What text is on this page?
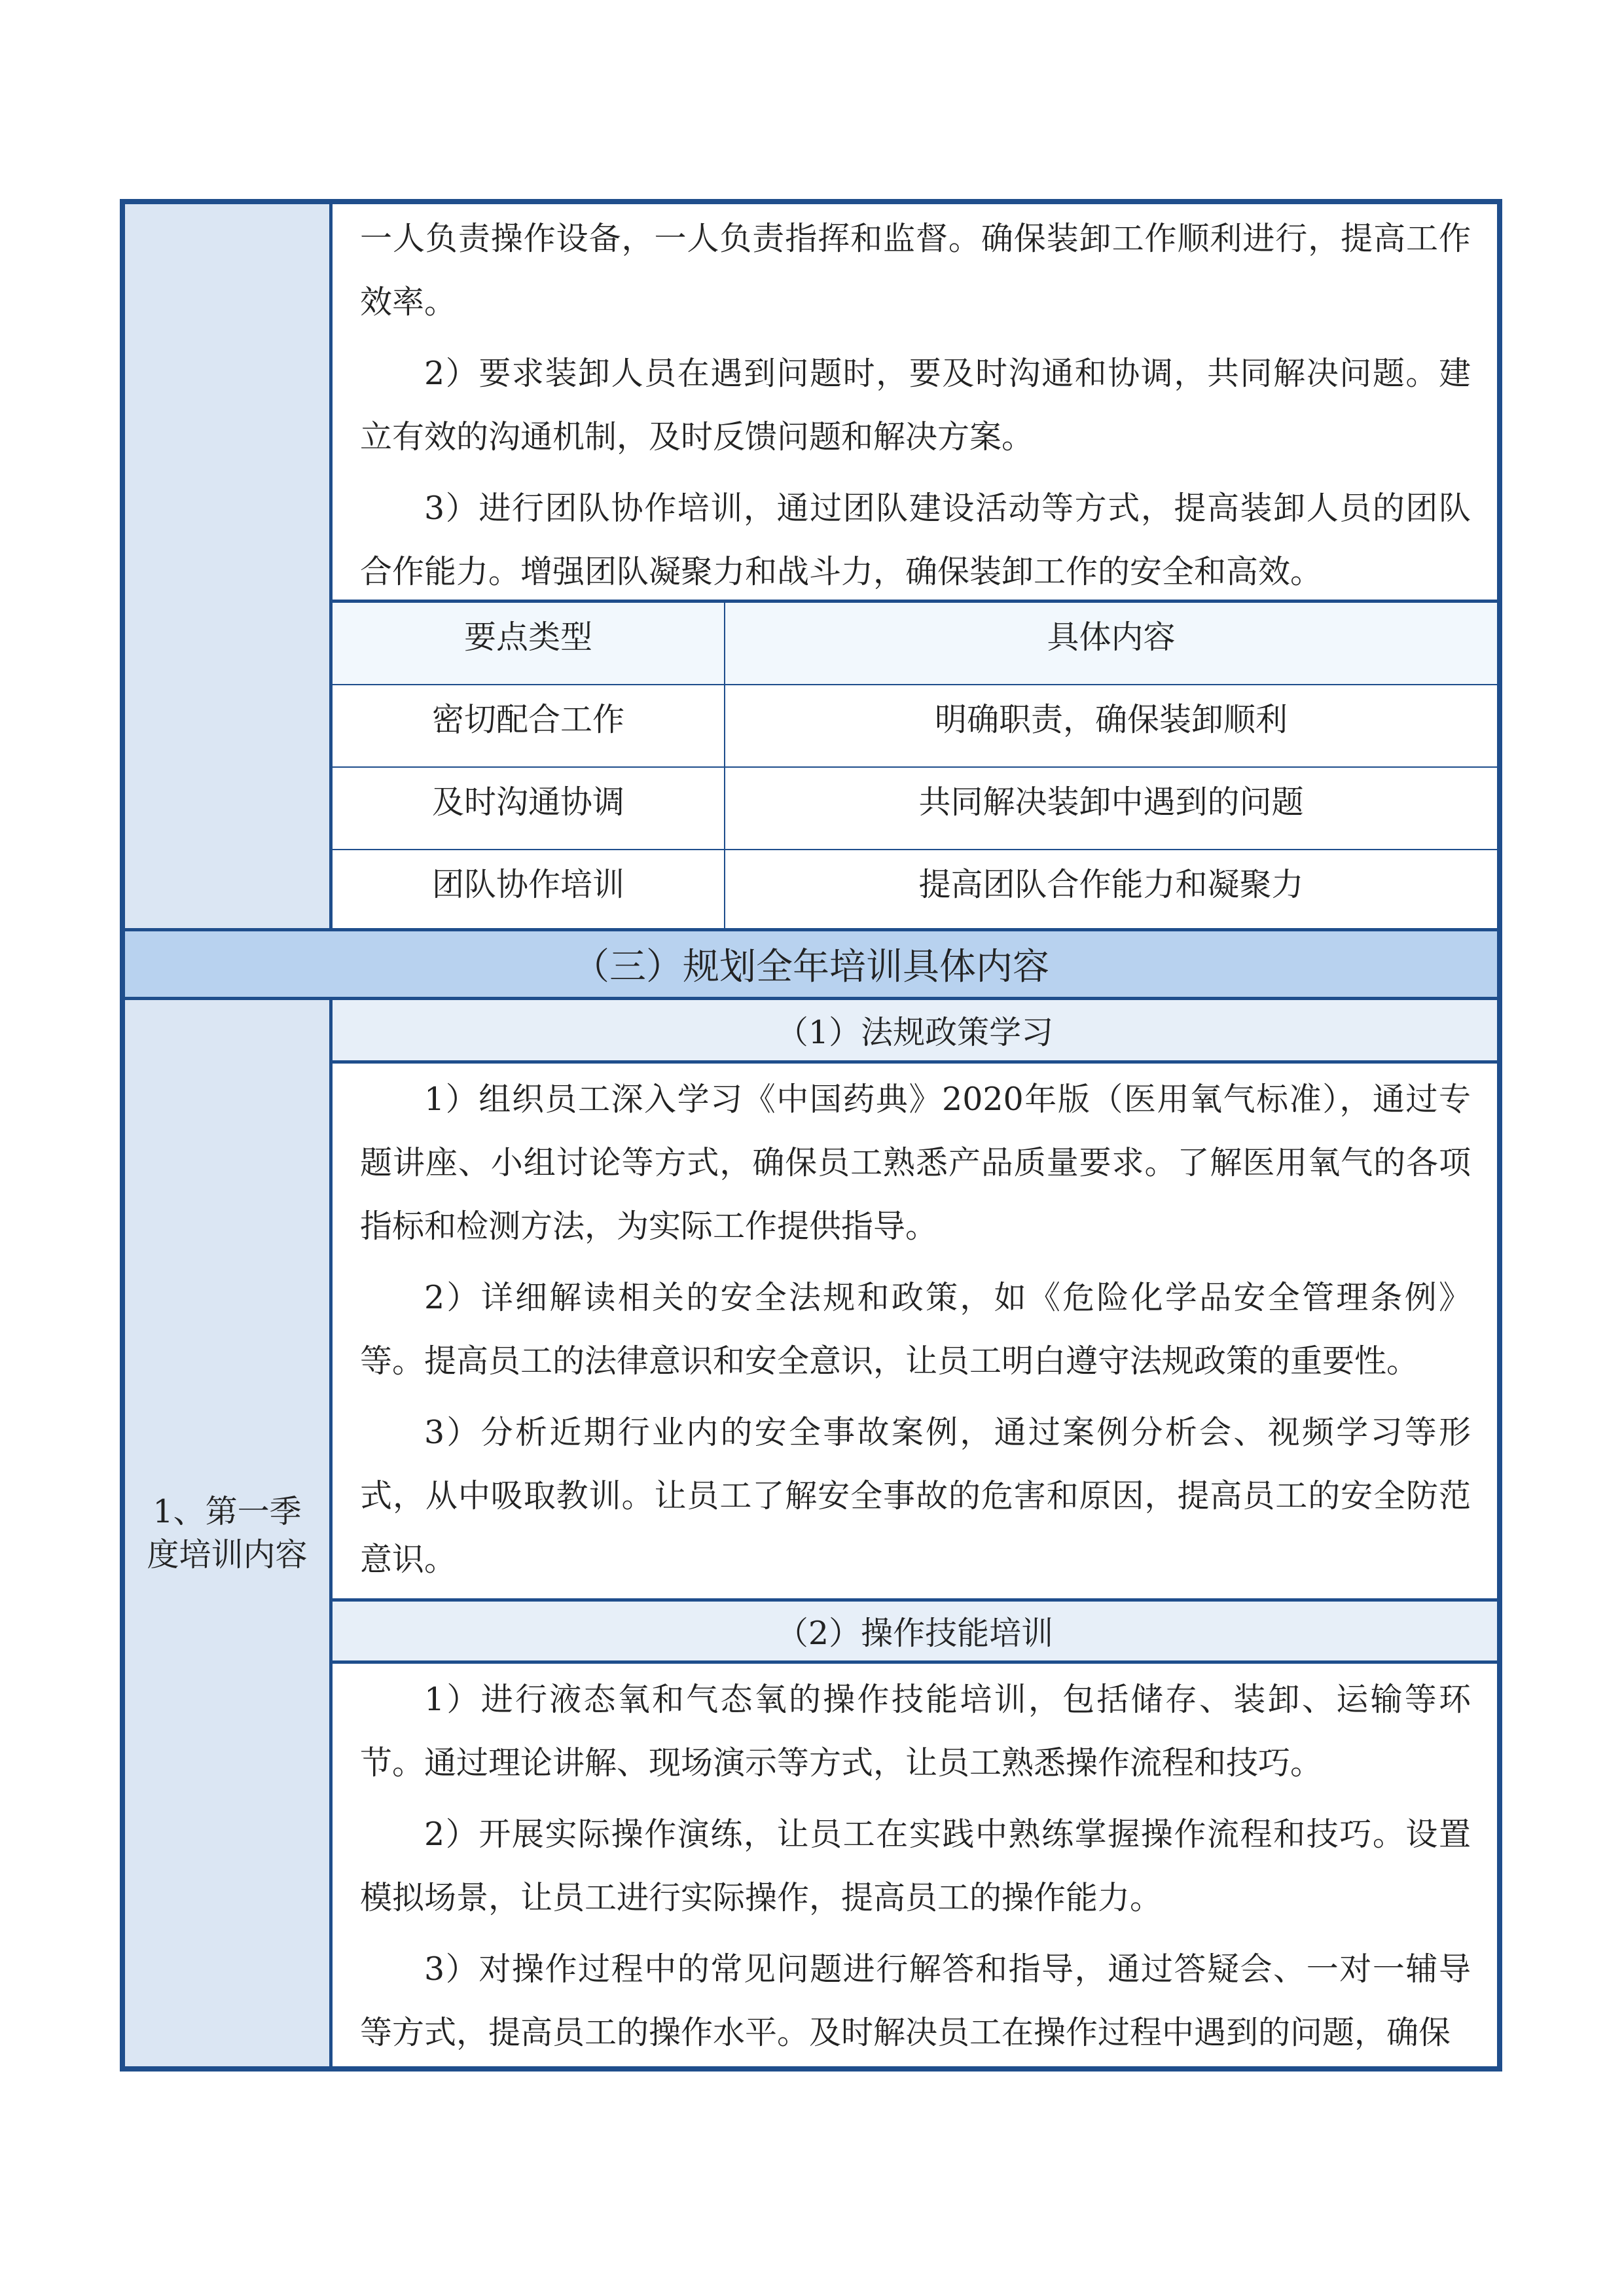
一人负责操作设备，一人负责指挥和监督。确保装卸工作顺利进行，提高工作效率。

2）要求装卸人员在遇到问题时，要及时沟通和协调，共同解决问题。建立有效的沟通机制，及时反馈问题和解决方案。

3）进行团队协作培训，通过团队建设活动等方式，提高装卸人员的团队合作能力。增强团队凝聚力和战斗力，确保装卸工作的安全和高效。

要点类型	具体内容
密切配合工作	明确职责，确保装卸顺利
及时沟通协调	共同解决装卸中遇到的问题
团队协作培训	提高团队合作能力和凝聚力
（三）规划全年培训具体内容
1、第一季度培训内容
（1）法规政策学习

1）组织员工深入学习《中国药典》2020年版（医用氧气标准），通过专题讲座、小组讨论等方式，确保员工熟悉产品质量要求。了解医用氧气的各项指标和检测方法，为实际工作提供指导。

2）详细解读相关的安全法规和政策，如《危险化学品安全管理条例》等。提高员工的法律意识和安全意识，让员工明白遵守法规政策的重要性。

3）分析近期行业内的安全事故案例，通过案例分析会、视频学习等形式，从中吸取教训。让员工了解安全事故的危害和原因，提高员工的安全防范意识。

（2）操作技能培训

1）进行液态氧和气态氧的操作技能培训，包括储存、装卸、运输等环节。通过理论讲解、现场演示等方式，让员工熟悉操作流程和技巧。

2）开展实际操作演练，让员工在实践中熟练掌握操作流程和技巧。设置模拟场景，让员工进行实际操作，提高员工的操作能力。

3）对操作过程中的常见问题进行解答和指导，通过答疑会、一对一辅导等方式，提高员工的操作水平。及时解决员工在操作过程中遇到的问题，确保
